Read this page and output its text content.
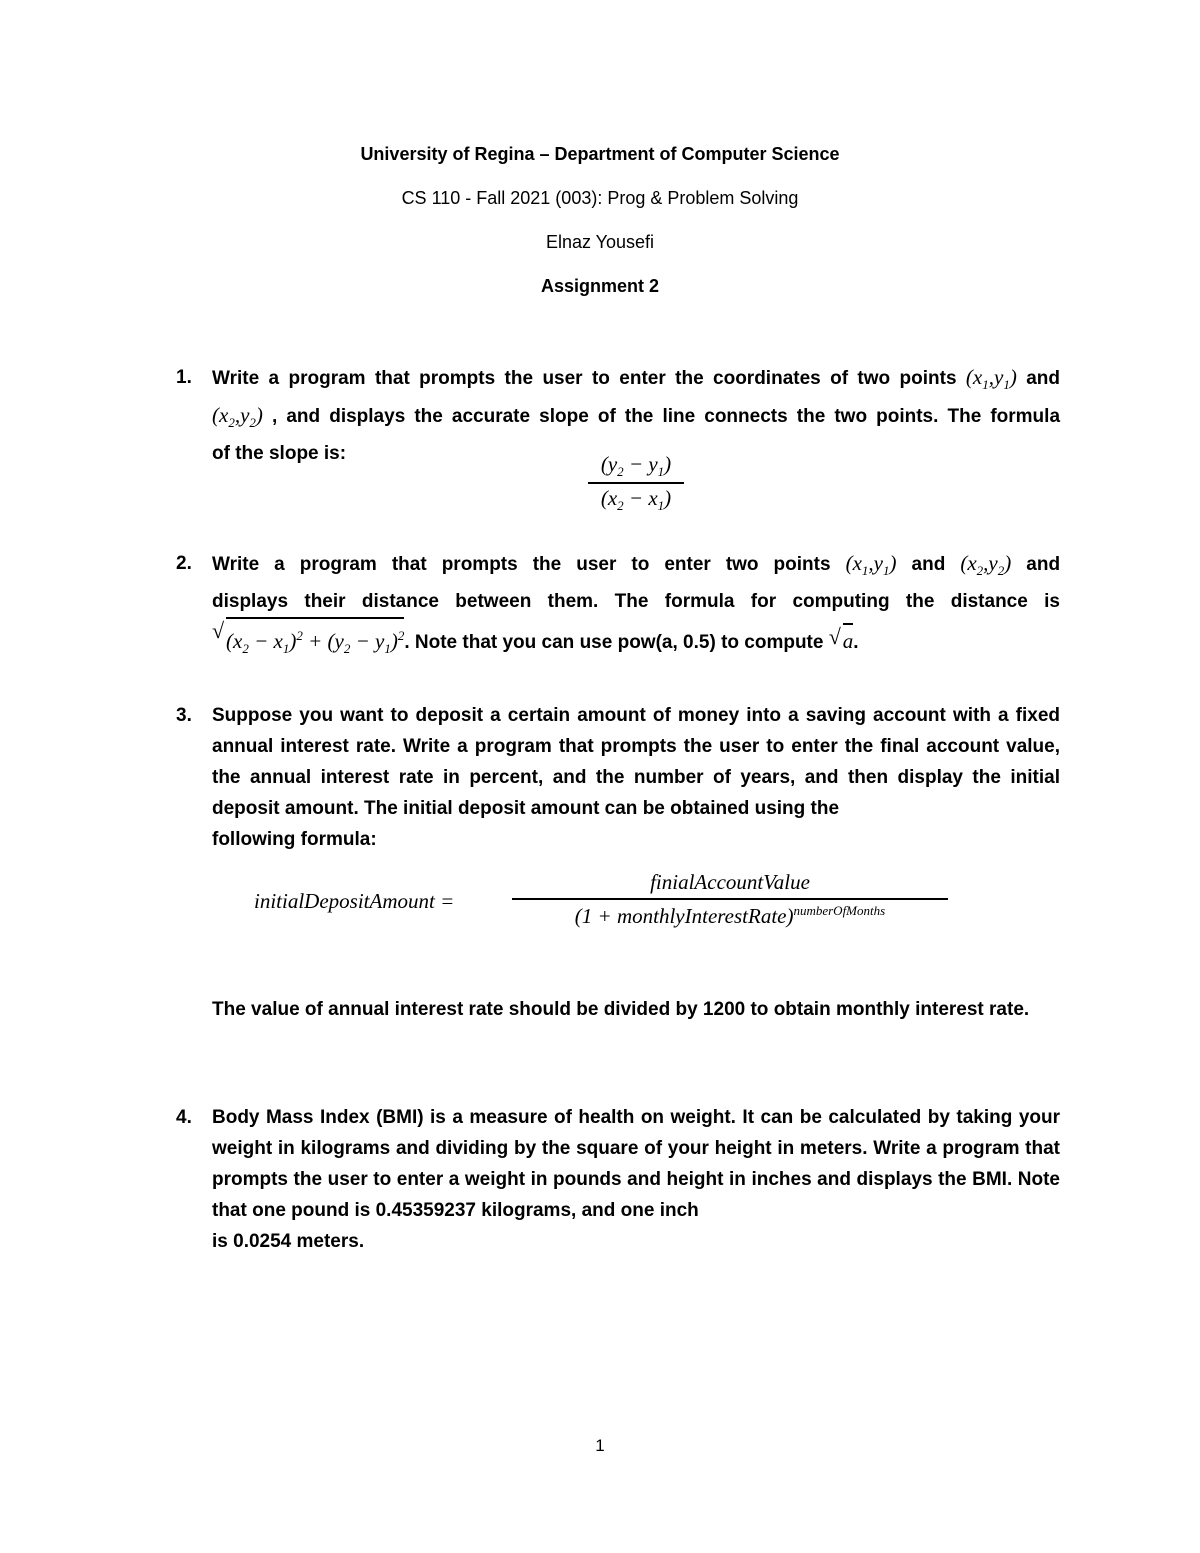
University of Regina – Department of Computer Science
CS 110 - Fall 2021 (003): Prog & Problem Solving
Elnaz Yousefi
Assignment 2
1. Write a program that prompts the user to enter the coordinates of two points $(x_1,y_1)$ and
$(x_2,y_2)$ , and displays the accurate slope of the line connects the two points. The formula
of the slope is:	$(y_2 - y_1)$
$(x_2 - x_1)$
2. Write a program that prompts the user to enter two points $(x_1,y_1)$ and $(x_2,y_2)$ and
displays their distance between them. The formula for computing the distance is
√ $(x_2 - x_1)^2 + (y_2 - y_1)^2$. Note that you can use pow(a, 0.5) to compute √ a.
3. Suppose you want to deposit a certain amount of money into a saving account with a fixed annual interest rate. Write a program that prompts the user to enter the final account value, the annual interest rate in percent, and the number of years, and then display the initial deposit amount. The initial deposit amount can be obtained using the
following formula:
initialDepositAmount =
finialAccountValue
(1 + monthlyInterestRate)$^{numberOfMonths}$
The value of annual interest rate should be divided by 1200 to obtain monthly interest rate.
4. Body Mass Index (BMI) is a measure of health on weight. It can be calculated by taking your weight in kilograms and dividing by the square of your height in meters. Write a program that prompts the user to enter a weight in pounds and height in inches and displays the BMI. Note that one pound is 0.45359237 kilograms, and one inch
is 0.0254 meters.
1
